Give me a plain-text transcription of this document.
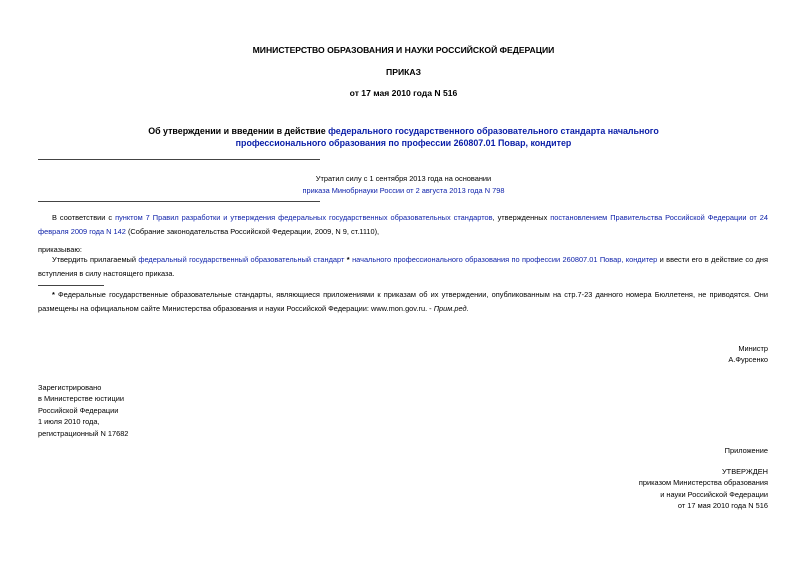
МИНИСТЕРСТВО ОБРАЗОВАНИЯ И НАУКИ РОССИЙСКОЙ ФЕДЕРАЦИИ
ПРИКАЗ
от 17 мая 2010 года N 516
Об утверждении и введении в действие федерального государственного образовательного стандарта начального профессионального образования по профессии 260807.01 Повар, кондитер
Утратил силу с 1 сентября 2013 года на основании
приказа Минобрнауки России от 2 августа 2013 года N 798
В соответствии с пунктом 7 Правил разработки и утверждения федеральных государственных образовательных стандартов, утвержденных постановлением Правительства Российской Федерации от 24 февраля 2009 года N 142 (Собрание законодательства Российской Федерации, 2009, N 9, ст.1110),
приказываю:
Утвердить прилагаемый федеральный государственный образовательный стандарт * начального профессионального образования по профессии 260807.01 Повар, кондитер и ввести его в действие со дня вступления в силу настоящего приказа.
* Федеральные государственные образовательные стандарты, являющиеся приложениями к приказам об их утверждении, опубликованным на стр.7-23 данного номера Бюллетеня, не приводятся. Они размещены на официальном сайте Министерства образования и науки Российской Федерации: www.mon.gov.ru. - Прим.ред.
Министр
А.Фурсенко
Зарегистрировано
в Министерстве юстиции
Российской Федерации
1 июля 2010 года,
регистрационный N 17682
Приложение
УТВЕРЖДЕН
приказом Министерства образования
и науки Российской Федерации
от 17 мая 2010 года N 516
